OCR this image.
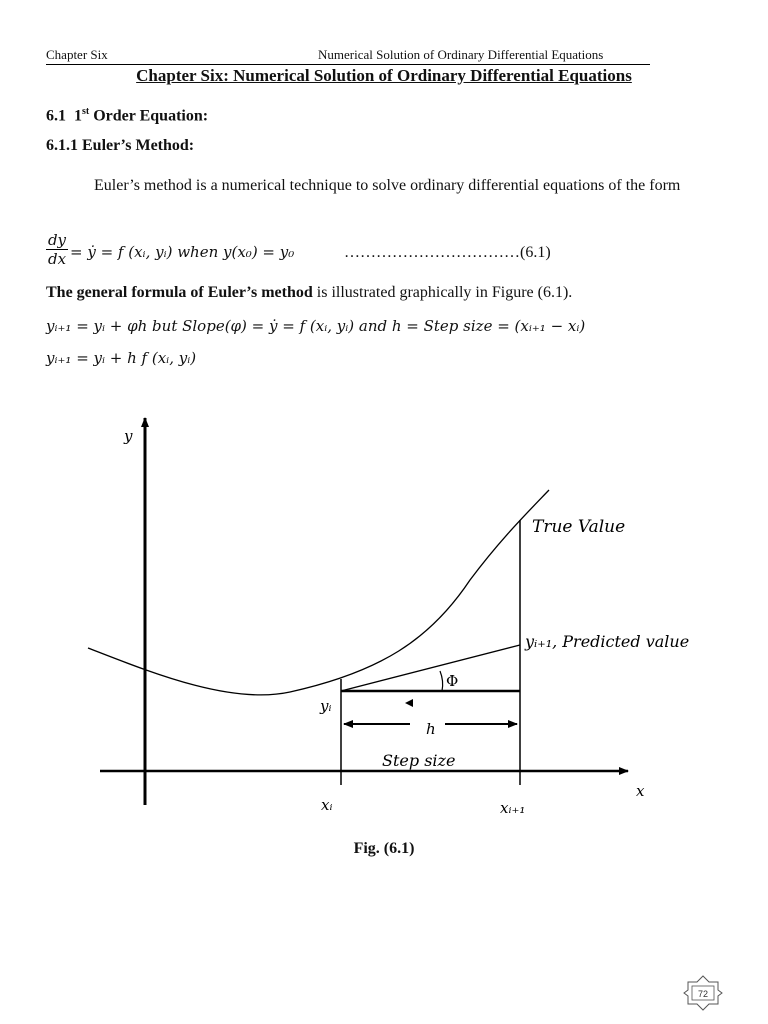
Chapter Six	Numerical Solution of Ordinary Differential Equations
Chapter Six: Numerical Solution of Ordinary Differential Equations
6.1 1st Order Equation:
6.1.1 Euler’s Method:
Euler’s method is a numerical technique to solve ordinary differential equations of the form
$\frac{dy}{dx}$ = ẏ = f (xᵢ, yᵢ) when y(x₀) = y₀	……………………………(6.1)
The general formula of Euler’s method is illustrated graphically in Figure (6.1).
yᵢ₊₁ = yᵢ + φh but Slope(φ) = ẏ = f (xᵢ, yᵢ) and h = Step size = (xᵢ₊₁ − xᵢ)
yᵢ₊₁ = yᵢ + h f (xᵢ, yᵢ)
y
x
True Value
yᵢ₊₁, Predicted value
Φ
yᵢ
h
Step size
xᵢ	xᵢ₊₁
Fig. (6.1)
72
